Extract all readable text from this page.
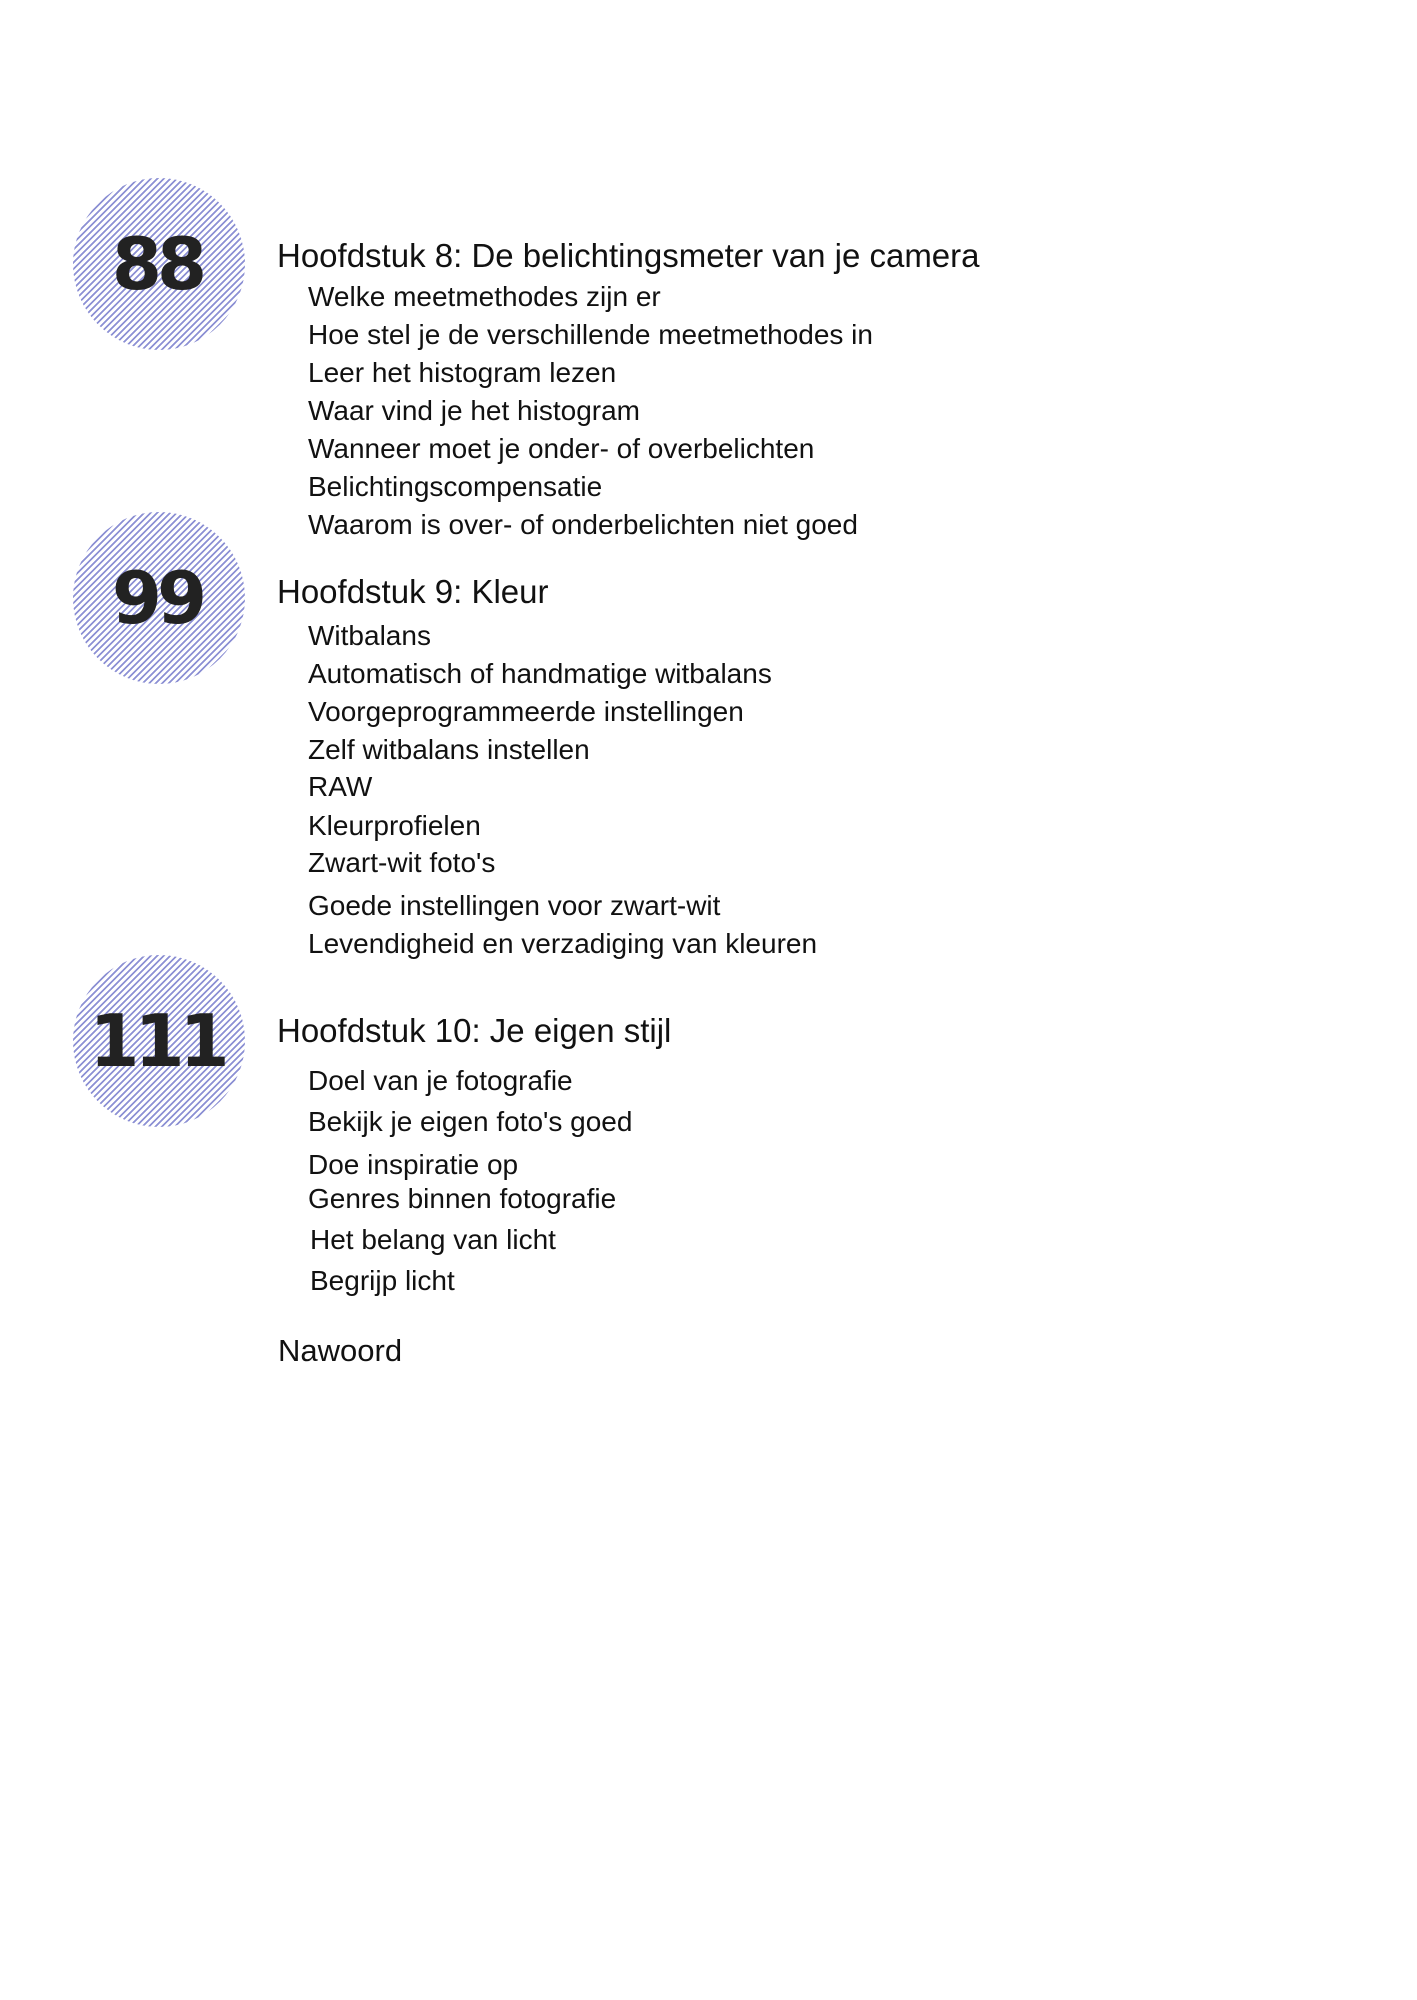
88 Hoofdstuk 8: De belichtingsmeter van je camera
Welke meetmethodes zijn er
Hoe stel je de verschillende meetmethodes in
Leer het histogram lezen
Waar vind je het histogram
Wanneer moet je onder- of overbelichten
Belichtingscompensatie
Waarom is over- of onderbelichten niet goed
99 Hoofdstuk 9: Kleur
Witbalans
Automatisch of handmatige witbalans
Voorgeprogrammeerde instellingen
Zelf witbalans instellen
RAW
Kleurprofielen
Zwart-wit foto's
Goede instellingen voor zwart-wit
Levendigheid en verzadiging van kleuren
111 Hoofdstuk 10: Je eigen stijl
Doel van je fotografie
Bekijk je eigen foto's goed
Doe inspiratie op
Genres binnen fotografie
Het belang van licht
Begrijp licht
Nawoord
